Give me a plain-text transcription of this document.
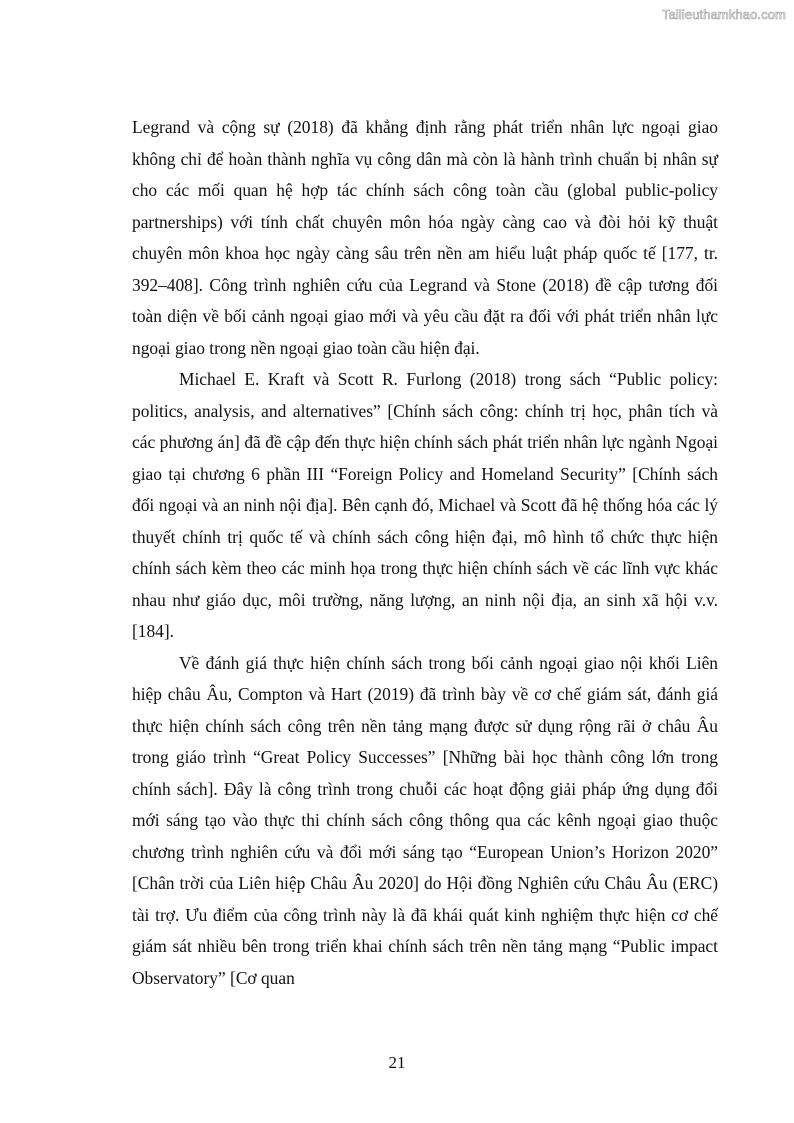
Tailieuthamkhao.com

Legrand và cộng sự (2018) đã khẳng định rằng phát triển nhân lực ngoại giao không chỉ để hoàn thành nghĩa vụ công dân mà còn là hành trình chuẩn bị nhân sự cho các mối quan hệ hợp tác chính sách công toàn cầu (global public-policy partnerships) với tính chất chuyên môn hóa ngày càng cao và đòi hỏi kỹ thuật chuyên môn khoa học ngày càng sâu trên nền am hiểu luật pháp quốc tế [177, tr. 392–408]. Công trình nghiên cứu của Legrand và Stone (2018) đề cập tương đối toàn diện về bối cảnh ngoại giao mới và yêu cầu đặt ra đối với phát triển nhân lực ngoại giao trong nền ngoại giao toàn cầu hiện đại.

Michael E. Kraft và Scott R. Furlong (2018) trong sách “Public policy: politics, analysis, and alternatives” [Chính sách công: chính trị học, phân tích và các phương án] đã đề cập đến thực hiện chính sách phát triển nhân lực ngành Ngoại giao tại chương 6 phần III “Foreign Policy and Homeland Security” [Chính sách đối ngoại và an ninh nội địa]. Bên cạnh đó, Michael và Scott đã hệ thống hóa các lý thuyết chính trị quốc tế và chính sách công hiện đại, mô hình tổ chức thực hiện chính sách kèm theo các minh họa trong thực hiện chính sách về các lĩnh vực khác nhau như giáo dục, môi trường, năng lượng, an ninh nội địa, an sinh xã hội v.v. [184].

Về đánh giá thực hiện chính sách trong bối cảnh ngoại giao nội khối Liên hiệp châu Âu, Compton và Hart (2019) đã trình bày về cơ chế giám sát, đánh giá thực hiện chính sách công trên nền tảng mạng được sử dụng rộng rãi ở châu Âu trong giáo trình “Great Policy Successes” [Những bài học thành công lớn trong chính sách]. Đây là công trình trong chuỗi các hoạt động giải pháp ứng dụng đổi mới sáng tạo vào thực thi chính sách công thông qua các kênh ngoại giao thuộc chương trình nghiên cứu và đổi mới sáng tạo “European Union’s Horizon 2020” [Chân trời của Liên hiệp Châu Âu 2020] do Hội đồng Nghiên cứu Châu Âu (ERC) tài trợ. Ưu điểm của công trình này là đã khái quát kinh nghiệm thực hiện cơ chế giám sát nhiều bên trong triển khai chính sách trên nền tảng mạng “Public impact Observatory” [Cơ quan

21
